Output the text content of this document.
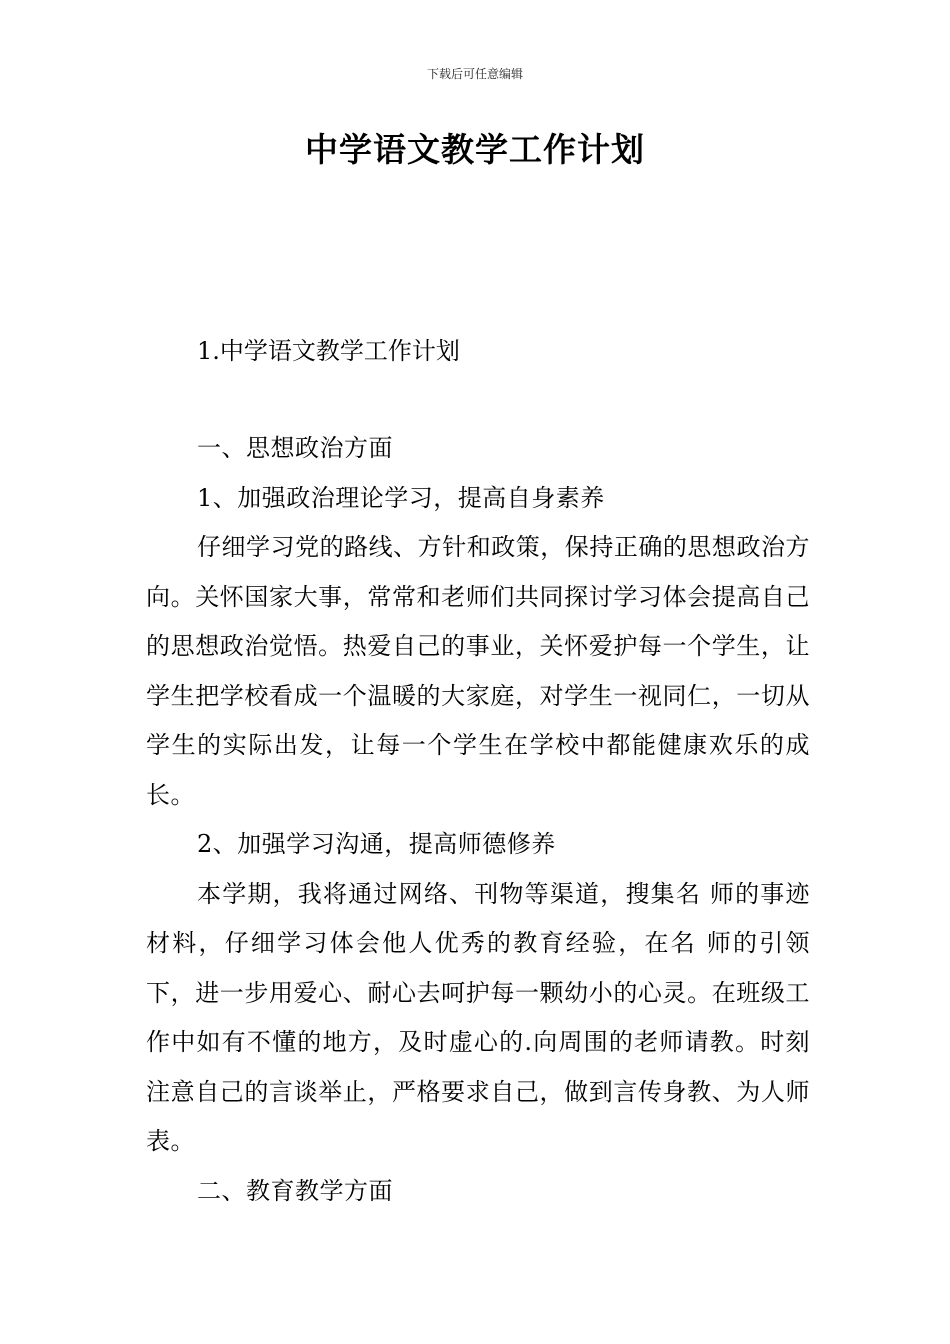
下载后可任意编辑
中学语文教学工作计划
1.中学语文教学工作计划

一、思想政治方面

1、加强政治理论学习，提高自身素养

仔细学习党的路线、方针和政策，保持正确的思想政治方向。关怀国家大事，常常和老师们共同探讨学习体会提高自己的思想政治觉悟。热爱自己的事业，关怀爱护每一个学生，让学生把学校看成一个温暖的大家庭，对学生一视同仁，一切从学生的实际出发，让每一个学生在学校中都能健康欢乐的成长。

2、加强学习沟通，提高师德修养

本学期，我将通过网络、刊物等渠道，搜集名 师的事迹材料，仔细学习体会他人优秀的教育经验，在名 师的引领下，进一步用爱心、耐心去呵护每一颗幼小的心灵。在班级工作中如有不懂的地方，及时虚心的.向周围的老师请教。时刻注意自己的言谈举止，严格要求自己，做到言传身教、为人师表。

二、教育教学方面
